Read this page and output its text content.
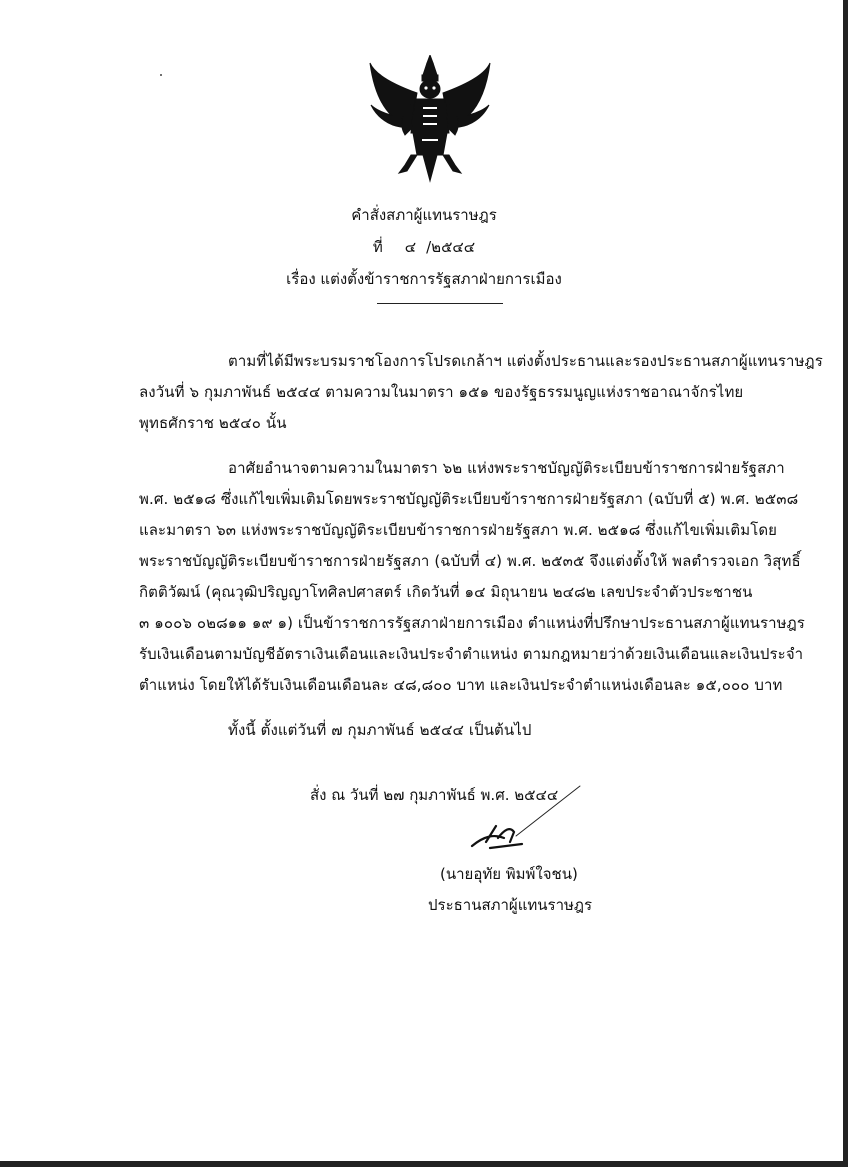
คำสั่งสภาผู้แทนราษฎร
ที่ ๔ /๒๕๔๔
เรื่อง แต่งตั้งข้าราชการรัฐสภาฝ่ายการเมือง
ตามที่ได้มีพระบรมราชโองการโปรดเกล้าฯ แต่งตั้งประธานและรองประธานสภาผู้แทนราษฎร
ลงวันที่ ๖ กุมภาพันธ์ ๒๕๔๔ ตามความในมาตรา ๑๕๑ ของรัฐธรรมนูญแห่งราชอาณาจักรไทย
พุทธศักราช ๒๕๔๐ นั้น
อาศัยอำนาจตามความในมาตรา ๖๒ แห่งพระราชบัญญัติระเบียบข้าราชการฝ่ายรัฐสภา
พ.ศ. ๒๕๑๘ ซึ่งแก้ไขเพิ่มเติมโดยพระราชบัญญัติระเบียบข้าราชการฝ่ายรัฐสภา (ฉบับที่ ๕) พ.ศ. ๒๕๓๘
และมาตรา ๖๓ แห่งพระราชบัญญัติระเบียบข้าราชการฝ่ายรัฐสภา พ.ศ. ๒๕๑๘ ซึ่งแก้ไขเพิ่มเติมโดย
พระราชบัญญัติระเบียบข้าราชการฝ่ายรัฐสภา (ฉบับที่ ๔) พ.ศ. ๒๕๓๕ จึงแต่งตั้งให้ พลตำรวจเอก วิสุทธิ์
กิตติวัฒน์ (คุณวุฒิปริญญาโทศิลปศาสตร์ เกิดวันที่ ๑๔ มิถุนายน ๒๔๘๒ เลขประจำตัวประชาชน
๓ ๑๐๐๖ ๐๒๘๑๑ ๑๙ ๑) เป็นข้าราชการรัฐสภาฝ่ายการเมือง ตำแหน่งที่ปรึกษาประธานสภาผู้แทนราษฎร
รับเงินเดือนตามบัญชีอัตราเงินเดือนและเงินประจำตำแหน่ง ตามกฎหมายว่าด้วยเงินเดือนและเงินประจำ
ตำแหน่ง โดยให้ได้รับเงินเดือนเดือนละ ๔๘,๘๐๐ บาท และเงินประจำตำแหน่งเดือนละ ๑๕,๐๐๐ บาท
ทั้งนี้ ตั้งแต่วันที่ ๗ กุมภาพันธ์ ๒๕๔๔ เป็นต้นไป
สั่ง ณ วันที่ ๒๗ กุมภาพันธ์ พ.ศ. ๒๕๔๔
(นายอุทัย พิมพ์ใจชน)
ประธานสภาผู้แทนราษฎร
